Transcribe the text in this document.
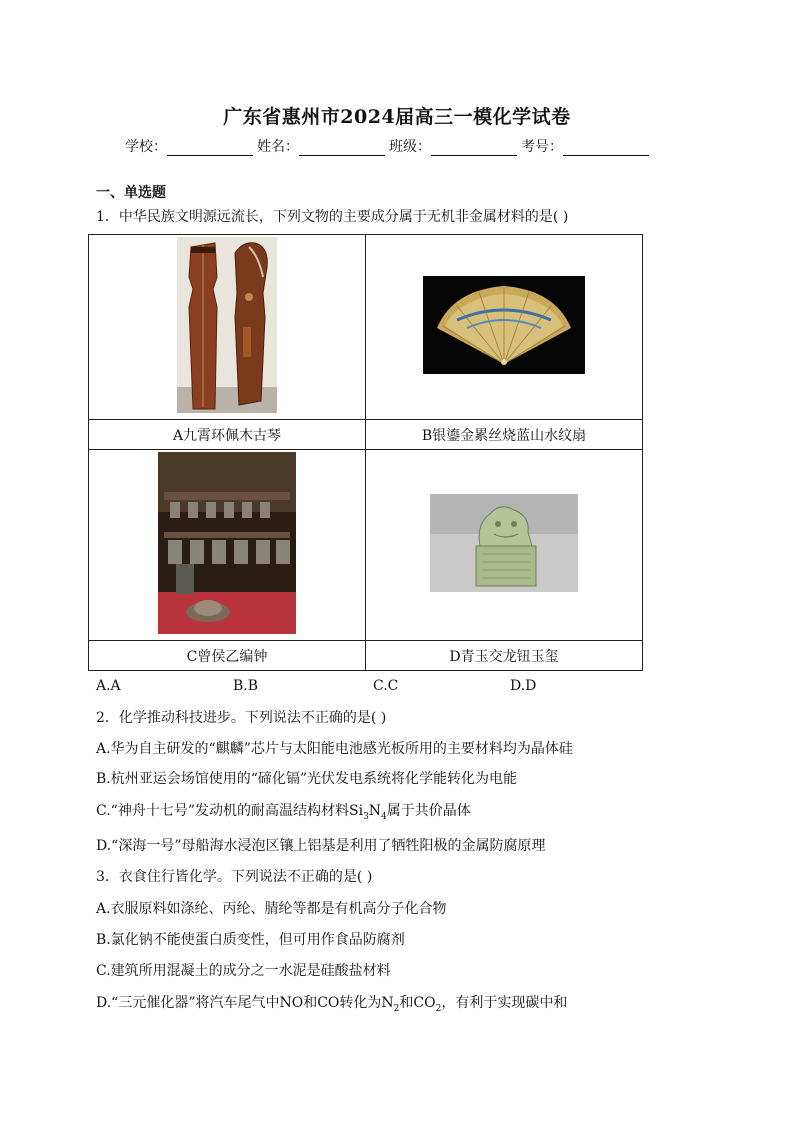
广东省惠州市2024届高三一模化学试卷
学校：	姓名：	班级：	考号：
一、单选题
1．中华民族文明源远流长，下列文物的主要成分属于无机非金属材料的是( )

A九霄环佩木古琴	B银鎏金累丝烧蓝山水纹扇

C曾侯乙编钟	D青玉交龙钮玉玺
A.A	B.B	C.C	D.D
2．化学推动科技进步。下列说法不正确的是( )
A.华为自主研发的“麒麟”芯片与太阳能电池感光板所用的主要材料均为晶体硅
B.杭州亚运会场馆使用的“碲化镉”光伏发电系统将化学能转化为电能
C.“神舟十七号”发动机的耐高温结构材料$Si_3N_4$属于共价晶体
D.“深海一号”母船海水浸泡区镶上铝基是利用了牺牲阳极的金属防腐原理
3．衣食住行皆化学。下列说法不正确的是( )
A.衣服原料如涤纶、丙纶、腈纶等都是有机高分子化合物
B.氯化钠不能使蛋白质变性，但可用作食品防腐剂
C.建筑所用混凝土的成分之一水泥是硅酸盐材料
D.“三元催化器”将汽车尾气中NO和CO转化为$N_2$和$CO_2$，有利于实现碳中和
